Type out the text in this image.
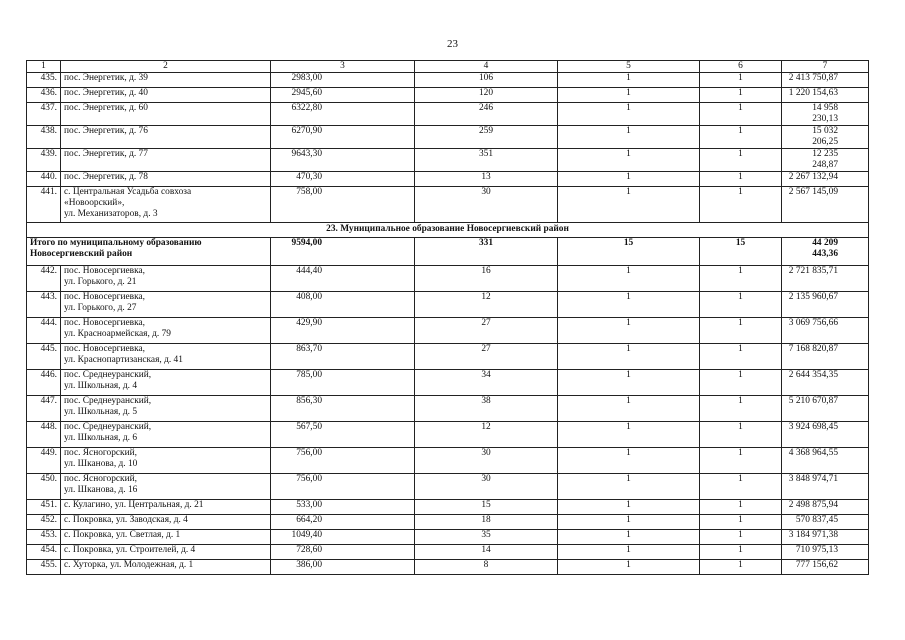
23
1	2	3	4	5	6	7
435.	пос. Энергетик, д. 39	2983,00	106	1	1	2 413 750,87
436.	пос. Энергетик, д. 40	2945,60	120	1	1	1 220 154,63
437.	пос. Энергетик, д. 60	6322,80	246	1	1	14 958 230,13
438.	пос. Энергетик, д. 76	6270,90	259	1	1	15 032 206,25
439.	пос. Энергетик, д. 77	9643,30	351	1	1	12 235 248,87
440.	пос. Энергетик, д. 78	470,30	13	1	1	2 267 132,94
441.	с. Центральная Усадьба совхоза
«Новоорский»,
ул. Механизаторов, д. 3	758,00	30	1	1	2 567 145,09
23. Муниципальное образование Новосергиевский район						
Итого по муниципальному образованию
Новосергиевский район		9594,00	331	15	15	44 209 443,36
442.	пос. Новосергиевка,
ул. Горького, д. 21	444,40	16	1	1	2 721 835,71
443.	пос. Новосергиевка,
ул. Горького, д. 27	408,00	12	1	1	2 135 960,67
444.	пос. Новосергиевка,
ул. Красноармейская, д. 79	429,90	27	1	1	3 069 756,66
445.	пос. Новосергиевка,
ул. Краснопартизанская, д. 41	863,70	27	1	1	7 168 820,87
446.	пос. Среднеуранский,
ул. Школьная, д. 4	785,00	34	1	1	2 644 354,35
447.	пос. Среднеуранский,
ул. Школьная, д. 5	856,30	38	1	1	5 210 670,87
448.	пос. Среднеуранский,
ул. Школьная, д. 6	567,50	12	1	1	3 924 698,45
449.	пос. Ясногорский,
ул. Шканова, д. 10	756,00	30	1	1	4 368 964,55
450.	пос. Ясногорский,
ул. Шканова, д. 16	756,00	30	1	1	3 848 974,71
451.	с. Кулагино, ул. Центральная, д. 21	533,00	15	1	1	2 498 875,94
452.	с. Покровка, ул. Заводская, д. 4	664,20	18	1	1	570 837,45
453.	с. Покровка, ул. Светлая, д. 1	1049,40	35	1	1	3 184 971,38
454.	с. Покровка, ул. Строителей, д. 4	728,60	14	1	1	710 975,13
455.	с. Хуторка, ул. Молодежная, д. 1	386,00	8	1	1	777 156,62
